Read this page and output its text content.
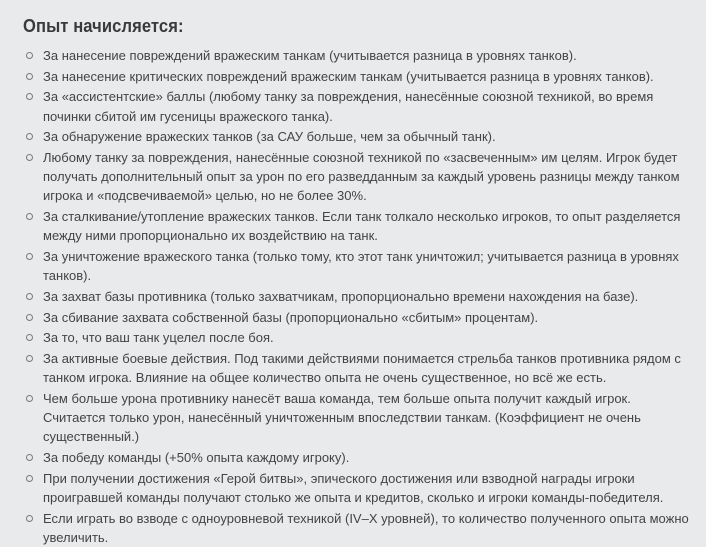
Опыт начисляется:
За нанесение повреждений вражеским танкам (учитывается разница в уровнях танков).
За нанесение критических повреждений вражеским танкам (учитывается разница в уровнях танков).
За «ассистентские» баллы (любому танку за повреждения, нанесённые союзной техникой, во время починки сбитой им гусеницы вражеского танка).
За обнаружение вражеских танков (за САУ больше, чем за обычный танк).
Любому танку за повреждения, нанесённые союзной техникой по «засвеченным» им целям. Игрок будет получать дополнительный опыт за урон по его разведданным за каждый уровень разницы между танком игрока и «подсвечиваемой» целью, но не более 30%.
За сталкивание/утопление вражеских танков. Если танк толкало несколько игроков, то опыт разделяется между ними пропорционально их воздействию на танк.
За уничтожение вражеского танка (только тому, кто этот танк уничтожил; учитывается разница в уровнях танков).
За захват базы противника (только захватчикам, пропорционально времени нахождения на базе).
За сбивание захвата собственной базы (пропорционально «сбитым» процентам).
За то, что ваш танк уцелел после боя.
За активные боевые действия. Под такими действиями понимается стрельба танков противника рядом с танком игрока. Влияние на общее количество опыта не очень существенное, но всё же есть.
Чем больше урона противнику нанесёт ваша команда, тем больше опыта получит каждый игрок. Считается только урон, нанесённый уничтоженным впоследствии танкам. (Коэффициент не очень существенный.)
За победу команды (+50% опыта каждому игроку).
При получении достижения «Герой битвы», эпического достижения или взводной награды игроки проигравшей команды получают столько же опыта и кредитов, сколько и игроки команды-победителя.
Если играть во взводе с одноуровневой техникой (IV–X уровней), то количество полученного опыта можно увеличить.
